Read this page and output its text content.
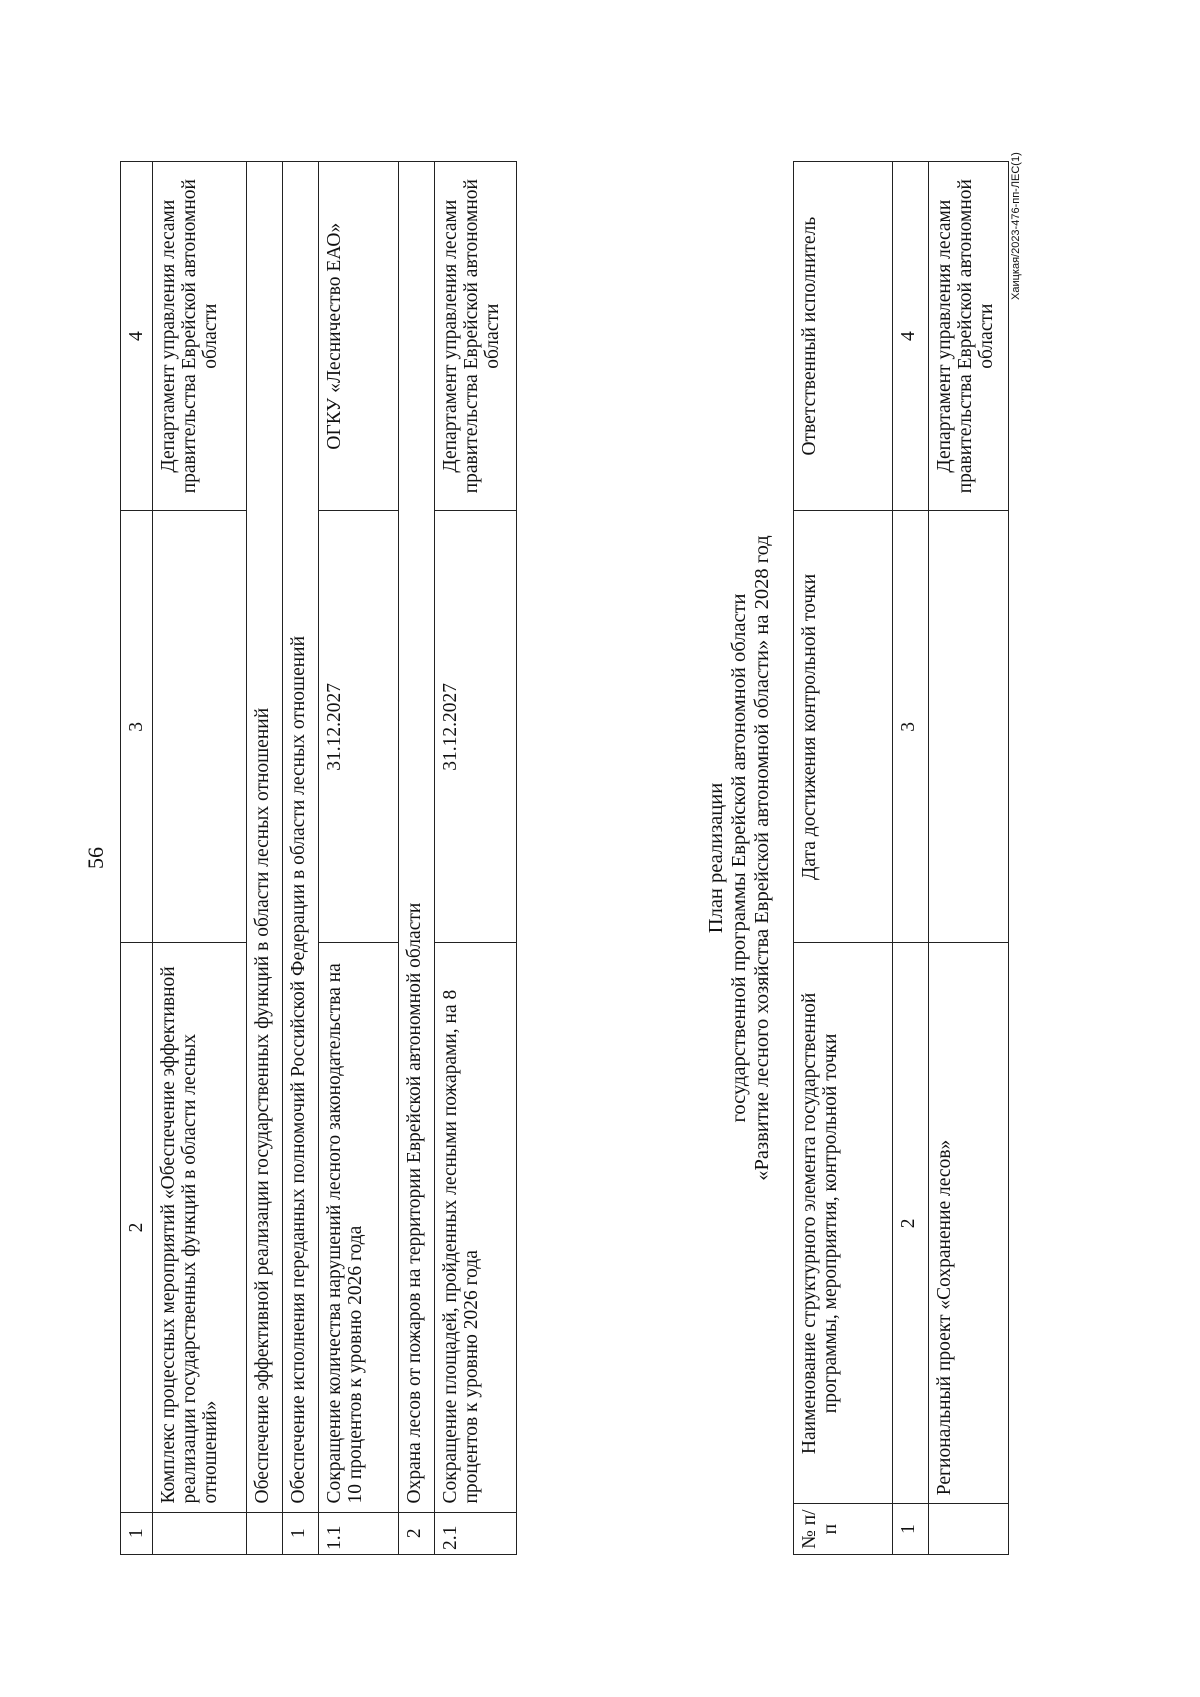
56
Хаицкая/2023-476-пп-ЛЕС(1)
1	2	3	4
	Комплекс процессных мероприятий «Обеспечение эффективной реализации государственных функций в области лесных отношений»		Департамент управления лесами правительства Еврейской автономной области
	Обеспечение эффективной реализации государственных функций в области лесных отношений		
1	Обеспечение исполнения переданных полномочий Российской Федерации в области лесных отношений		
1.1	Сокращение количества нарушений лесного законодательства на 10 процентов к уровню 2026 года	31.12.2027	ОГКУ «Лесничество ЕАО»
2	Охрана лесов от пожаров на территории Еврейской автономной области		
2.1	Сокращение площадей, пройденных лесными пожарами, на 8 процентов к уровню 2026 года	31.12.2027	Департамент управления лесами правительства Еврейской автономной области
План реализации государственной программы Еврейской автономной области «Развитие лесного хозяйства Еврейской автономной области» на 2028 год
№ п/п	Наименование структурного элемента государственной программы, мероприятия, контрольной точки	Дата достижения контрольной точки	Ответственный исполнитель
1	2	3	4
	Региональный проект «Сохранение лесов»		Департамент управления лесами правительства Еврейской автономной области
